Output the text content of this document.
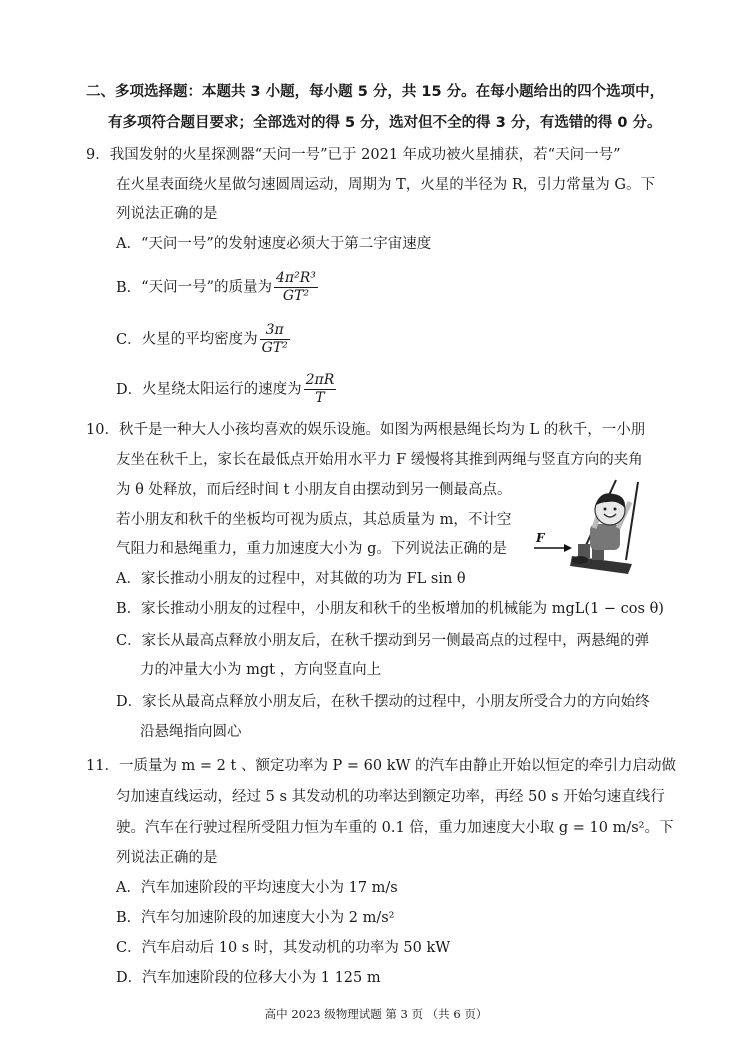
二、多项选择题：本题共 3 小题，每小题 5 分，共 15 分。在每小题给出的四个选项中，
有多项符合题目要求；全部选对的得 5 分，选对但不全的得 3 分，有选错的得 0 分。
9．我国发射的火星探测器“天问一号”已于 2021 年成功被火星捕获，若“天问一号”
在火星表面绕火星做匀速圆周运动，周期为 T，火星的半径为 R，引力常量为 G。下
列说法正确的是
A．“天问一号”的发射速度必须大于第二宇宙速度
B．“天问一号”的质量为 $\frac{\text{4π²R³}}{\text{GT²}}$
C．火星的平均密度为 $\frac{3\pi}{\text{GT²}}$
D．火星绕太阳运行的速度为 $\frac{2\pi R}{T}$
10．秋千是一种大人小孩均喜欢的娱乐设施。如图为两根悬绳长均为 L 的秋千，一小朋
友坐在秋千上，家长在最低点开始用水平力 F 缓慢将其推到两绳与竖直方向的夹角
为 θ 处释放，而后经时间 t 小朋友自由摆动到另一侧最高点。
若小朋友和秋千的坐板均可视为质点，其总质量为 m，不计空
气阻力和悬绳重力，重力加速度大小为 g。下列说法正确的是
F
A．家长推动小朋友的过程中，对其做的功为 FL sin θ
B．家长推动小朋友的过程中，小朋友和秋千的坐板增加的机械能为 mgL(1 − cos θ)
C．家长从最高点释放小朋友后，在秋千摆动到另一侧最高点的过程中，两悬绳的弹
力的冲量大小为 mgt ，方向竖直向上
D．家长从最高点释放小朋友后，在秋千摆动的过程中，小朋友所受合力的方向始终
沿悬绳指向圆心
11．一质量为 m = 2 t 、额定功率为 P = 60 kW 的汽车由静止开始以恒定的牵引力启动做
匀加速直线运动，经过 5 s 其发动机的功率达到额定功率，再经 50 s 开始匀速直线行
驶。汽车在行驶过程所受阻力恒为车重的 0.1 倍，重力加速度大小取 g = 10 m/s²。下
列说法正确的是
A．汽车加速阶段的平均速度大小为 17 m/s
B．汽车匀加速阶段的加速度大小为 2 m/s²
C．汽车启动后 10 s 时，其发动机的功率为 50 kW
D．汽车加速阶段的位移大小为 1 125 m
高中 2023 级物理试题 第 3 页 （共 6 页）
